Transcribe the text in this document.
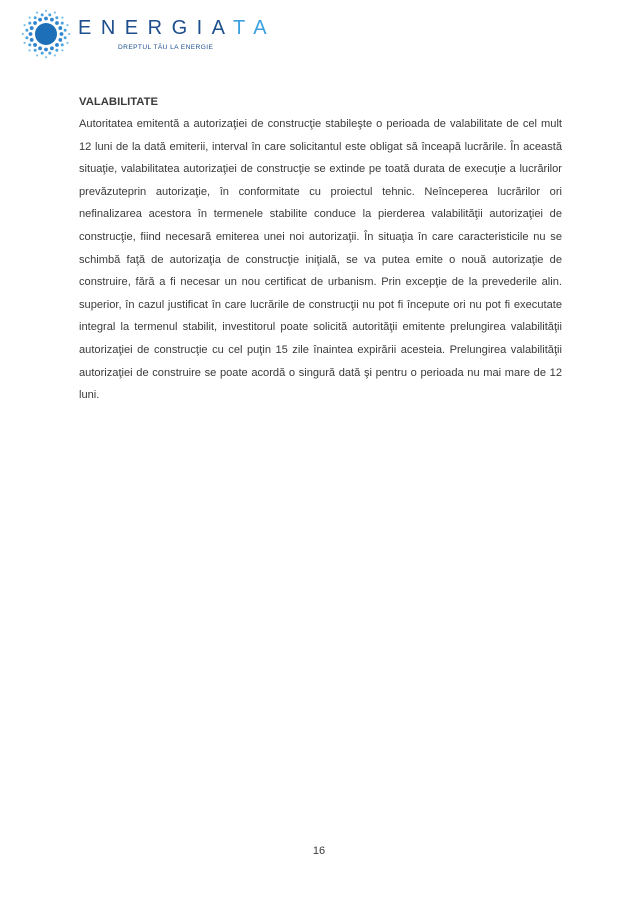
ENERGIATA
DREPTUL TĂU LA ENERGIE

VALABILITATE

Autoritatea emitentă a autorizaţiei de construcţie stabileşte o perioada de valabilitate de cel mult 12 luni de la dată emiterii, interval în care solicitantul este obligat să înceapă lucrările. În această situaţie, valabilitatea autorizaţiei de construcţie se extinde pe toată durata de execuţie a lucrărilor prevăzuteprin autorizaţie, în conformitate cu proiectul tehnic. Neînceperea lucrărilor ori nefinalizarea acestora în termenele stabilite conduce la pierderea valabilităţii autorizaţiei de construcţie, fiind necesară emiterea unei noi autorizaţii. În situaţia în care caracteristicile nu se schimbă faţă de autorizaţia de construcţie iniţială, se va putea emite o nouă autorizaţie de construire, fără a fi necesar un nou certificat de urbanism. Prin excepţie de la prevederile alin. superior, în cazul justificat în care lucrările de construcţii nu pot fi începute ori nu pot fi executate integral la termenul stabilit, investitorul poate solicită autorităţii emitente prelungirea valabilităţii autorizaţiei de construcţie cu cel puţin 15 zile înaintea expirării acesteia. Prelungirea valabilităţii autorizaţiei de construire se poate acordă o singură dată şi pentru o perioada nu mai mare de 12 luni.

16
